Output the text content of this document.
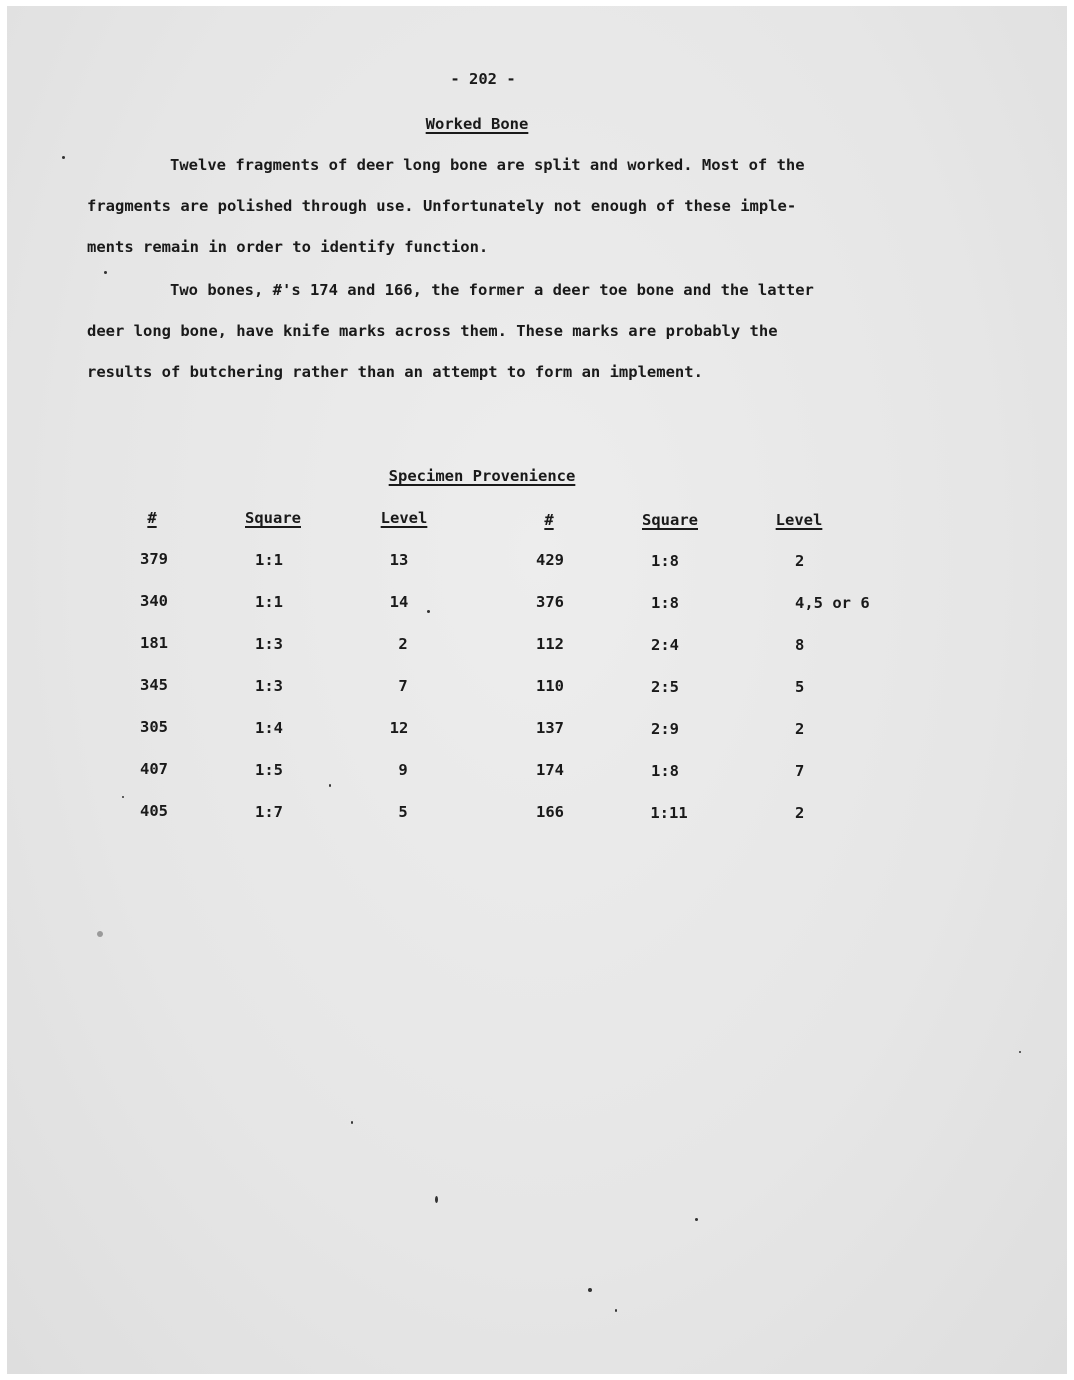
- 202 -
Worked Bone
Twelve fragments of deer long bone are split and worked. Most of the
fragments are polished through use. Unfortunately not enough of these imple-
ments remain in order to identify function.
Two bones, #'s 174 and 166, the former a deer toe bone and the latter
deer long bone, have knife marks across them. These marks are probably the
results of butchering rather than an attempt to form an implement.
Specimen Provenience
#	Square	Level	#	Square	Level
379	1:1	13	429	1:8	2
340	1:1	14	376	1:8	4,5 or 6
181	1:3	2	112	2:4	8
345	1:3	7	110	2:5	5
305	1:4	12	137	2:9	2
407	1:5	9	174	1:8	7
405	1:7	5	166	1:11	2
